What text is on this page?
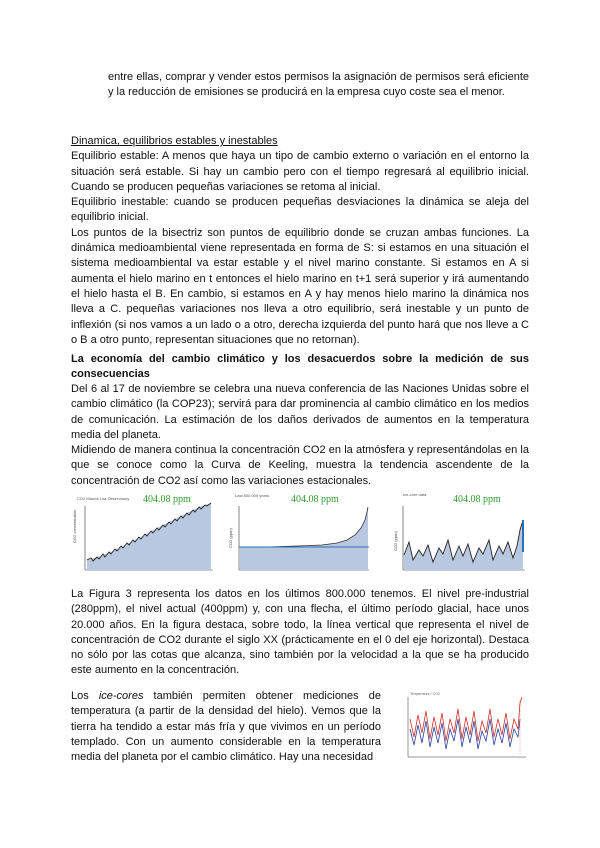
entre ellas, comprar y vender estos permisos la asignación de permisos será eficiente y la reducción de emisiones se producirá en la empresa cuyo coste sea el menor.

Dinamica, equilibrios estables y inestables

Equilibrio estable: A menos que haya un tipo de cambio externo o variación en el entorno la situación será estable. Si hay un cambio pero con el tiempo regresará al equilibrio inicial. Cuando se producen pequeñas variaciones se retoma al inicial.

Equilibrio inestable: cuando se producen pequeñas desviaciones la dinámica se aleja del equilibrio inicial.

Los puntos de la bisectriz son puntos de equilibrio donde se cruzan ambas funciones. La dinámica medioambiental viene representada en forma de S: si estamos en una situación el sistema medioambiental va estar estable y el nivel marino constante. Si estamos en A si aumenta el hielo marino en t entonces el hielo marino en t+1 será superior y irá aumentando el hielo hasta el B. En cambio, si estamos en A y hay menos hielo marino la dinámica nos lleva a C. pequeñas variaciones nos lleva a otro equilibrio, será inestable y un punto de inflexión (si nos vamos a un lado o a otro, derecha izquierda del punto hará que nos lleve a C o B a otro punto, representan situaciones que no retornan).

La economía del cambio climático y los desacuerdos sobre la medición de sus consecuencias

Del 6 al 17 de noviembre se celebra una nueva conferencia de las Naciones Unidas sobre el cambio climático (la COP23); servirá para dar prominencia al cambio climático en los medios de comunicación. La estimación de los daños derivados de aumentos en la temperatura media del planeta.

Midiendo de manera continua la concentración CO2 en la atmósfera y representándolas en la que se conoce como la Curva de Keeling, muestra la tendencia ascendente de la concentración de CO2 así como las variaciones estacionales.

CO2 Mauna Loa Observatory 404.08 ppm
CO2 concentration
Last 800,000 years 404.08 ppm
CO2 (ppm)
Ice-core data	404.08 ppm
CO2 (ppm)

La Figura 3 representa los datos en los últimos 800.000 tenemos. El nivel pre-industrial (280ppm), el nivel actual (400ppm) y, con una flecha, el último período glacial, hace unos 20.000 años. En la figura destaca, sobre todo, la línea vertical que representa el nivel de concentración de CO2 durante el siglo XX (prácticamente en el 0 del eje horizontal). Destaca no sólo por las cotas que alcanza, sino también por la velocidad a la que se ha producido este aumento en la concentración.

Los ice-cores también permiten obtener mediciones de temperatura (a partir de la densidad del hielo). Vemos que la tierra ha tendido a estar más fría y que vivimos en un período templado. Con un aumento considerable en la temperatura media del planeta por el cambio climático. Hay una necesidad

Temperature / CO2
